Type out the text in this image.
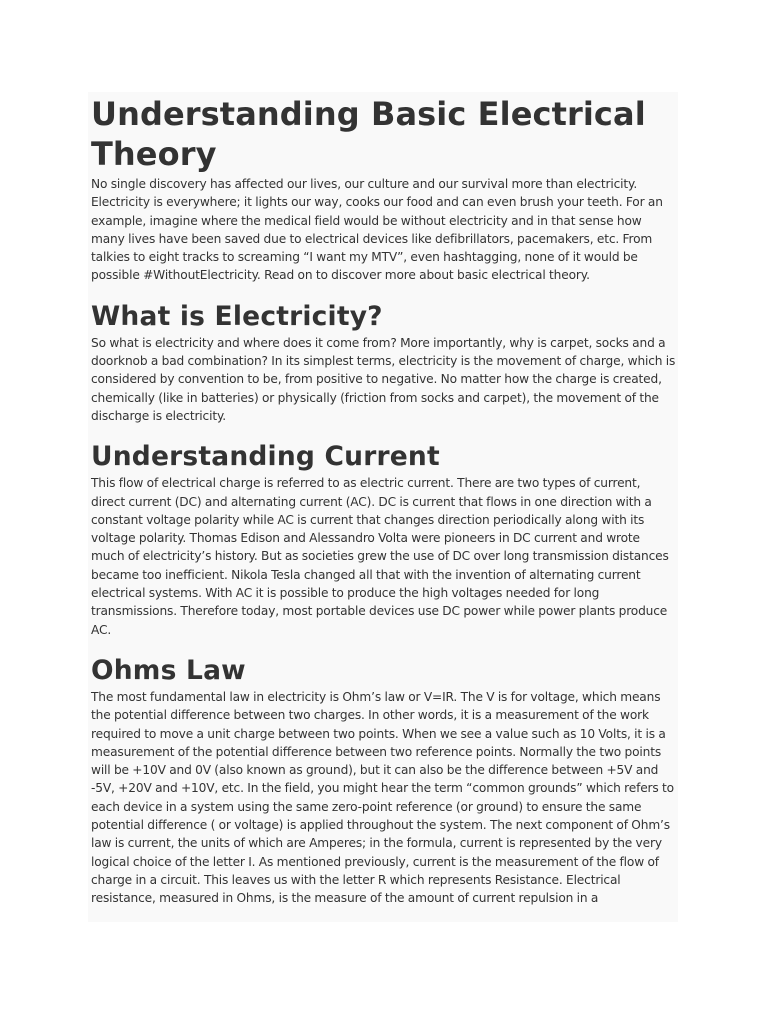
Understanding Basic Electrical Theory

No single discovery has affected our lives, our culture and our survival more than electricity. Electricity is everywhere; it lights our way, cooks our food and can even brush your teeth. For an example, imagine where the medical field would be without electricity and in that sense how many lives have been saved due to electrical devices like defibrillators, pacemakers, etc. From talkies to eight tracks to screaming “I want my MTV”, even hashtagging, none of it would be possible #WithoutElectricity. Read on to discover more about basic electrical theory.

What is Electricity?

So what is electricity and where does it come from? More importantly, why is carpet, socks and a doorknob a bad combination? In its simplest terms, electricity is the movement of charge, which is considered by convention to be, from positive to negative. No matter how the charge is created, chemically (like in batteries) or physically (friction from socks and carpet), the movement of the discharge is electricity.

Understanding Current

This flow of electrical charge is referred to as electric current. There are two types of current, direct current (DC) and alternating current (AC). DC is current that flows in one direction with a constant voltage polarity while AC is current that changes direction periodically along with its voltage polarity. Thomas Edison and Alessandro Volta were pioneers in DC current and wrote much of electricity’s history. But as societies grew the use of DC over long transmission distances became too inefficient. Nikola Tesla changed all that with the invention of alternating current electrical systems. With AC it is possible to produce the high voltages needed for long transmissions. Therefore today, most portable devices use DC power while power plants produce AC.

Ohms Law

The most fundamental law in electricity is Ohm’s law or V=IR. The V is for voltage, which means the potential difference between two charges. In other words, it is a measurement of the work required to move a unit charge between two points. When we see a value such as 10 Volts, it is a measurement of the potential difference between two reference points. Normally the two points will be +10V and 0V (also known as ground), but it can also be the difference between +5V and -5V, +20V and +10V, etc. In the field, you might hear the term “common grounds” which refers to each device in a system using the same zero-point reference (or ground) to ensure the same potential difference ( or voltage) is applied throughout the system. The next component of Ohm’s law is current, the units of which are Amperes; in the formula, current is represented by the very logical choice of the letter I. As mentioned previously, current is the measurement of the flow of charge in a circuit. This leaves us with the letter R which represents Resistance. Electrical resistance, measured in Ohms, is the measure of the amount of current repulsion in a
